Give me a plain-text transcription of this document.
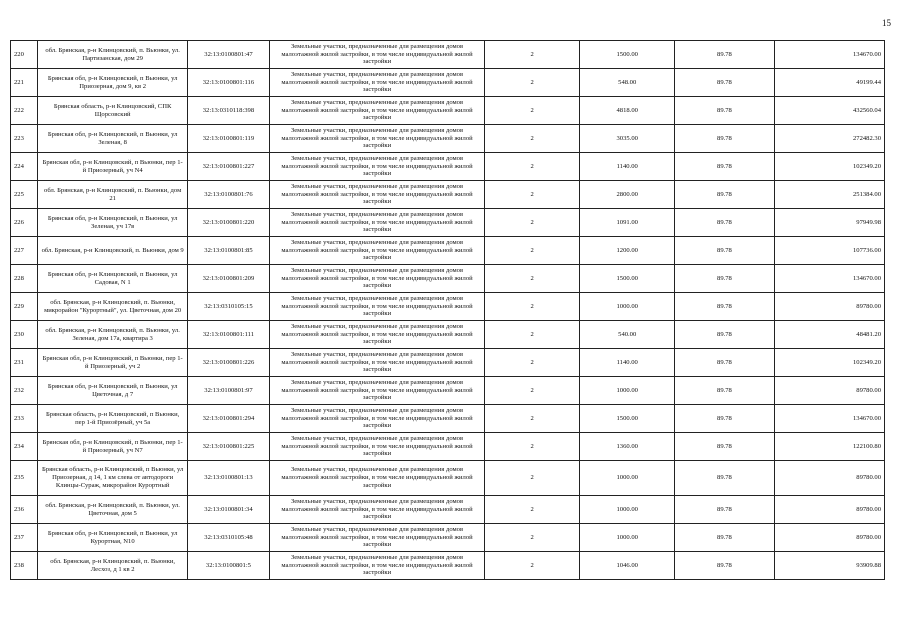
15
220	обл. Брянская, р-н Клинцовский, п. Вьюнки, ул. Партизанская, дом 29	32:13:0100801:47	Земельные участки, предназначенные для размещения домов малоэтажной жилой застройки, в том числе индивидуальной жилой застройки	2	1500.00	89.78	134670.00
221	Брянская обл, р-н Клинцовский, п Вьюнки, ул Приозерная, дом 9, кв 2	32:13:0100801:116	Земельные участки, предназначенные для размещения домов малоэтажной жилой застройки, в том числе индивидуальной жилой застройки	2	548.00	89.78	49199.44
222	Брянская область, р-н Клинцовский, СПК Щорсовский	32:13:0310118:398	Земельные участки, предназначенные для размещения домов малоэтажной жилой застройки, в том числе индивидуальной жилой застройки	2	4818.00	89.78	432560.04
223	Брянская обл, р-н Клинцовский, п Вьюнки, ул Зеленая, 8	32:13:0100801:119	Земельные участки, предназначенные для размещения домов малоэтажной жилой застройки, в том числе индивидуальной жилой застройки	2	3035.00	89.78	272482.30
224	Брянская обл, р-н Клинцовский, п Вьюнки, пер 1-й Приозерный, уч N4	32:13:0100801:227	Земельные участки, предназначенные для размещения домов малоэтажной жилой застройки, в том числе индивидуальной жилой застройки	2	1140.00	89.78	102349.20
225	обл. Брянская, р-н Клинцовский, п. Вьюнки, дом 21	32:13:0100801:76	Земельные участки, предназначенные для размещения домов малоэтажной жилой застройки, в том числе индивидуальной жилой застройки	2	2800.00	89.78	251384.00
226	Брянская обл, р-н Клинцовский, п Вьюнки, ул Зеленая, уч 17в	32:13:0100801:220	Земельные участки, предназначенные для размещения домов малоэтажной жилой застройки, в том числе индивидуальной жилой застройки	2	1091.00	89.78	97949.98
227	обл. Брянская, р-н Клинцовский, п. Вьюнки, дом 9	32:13:0100801:85	Земельные участки, предназначенные для размещения домов малоэтажной жилой застройки, в том числе индивидуальной жилой застройки	2	1200.00	89.78	107736.00
228	Брянская обл, р-н Клинцовский, п Вьюнки, ул Садовая, N 1	32:13:0100801:209	Земельные участки, предназначенные для размещения домов малоэтажной жилой застройки, в том числе индивидуальной жилой застройки	2	1500.00	89.78	134670.00
229	обл. Брянская, р-н Клинцовский, п. Вьюнки, микрорайон "Курортный", ул. Цветочная, дом 20	32:13:0310105:15	Земельные участки, предназначенные для размещения домов малоэтажной жилой застройки, в том числе индивидуальной жилой застройки	2	1000.00	89.78	89780.00
230	обл. Брянская, р-н Клинцовский, п. Вьюнки, ул. Зеленая, дом 17а, квартира 3	32:13:0100801:111	Земельные участки, предназначенные для размещения домов малоэтажной жилой застройки, в том числе индивидуальной жилой застройки	2	540.00	89.78	48481.20
231	Брянская обл, р-н Клинцовский, п Вьюнки, пер 1-й Приозерный, уч 2	32:13:0100801:226	Земельные участки, предназначенные для размещения домов малоэтажной жилой застройки, в том числе индивидуальной жилой застройки	2	1140.00	89.78	102349.20
232	Брянская обл, р-н Клинцовский, п Вьюнки, ул Цветочная, д 7	32:13:0100801:97	Земельные участки, предназначенные для размещения домов малоэтажной жилой застройки, в том числе индивидуальной жилой застройки	2	1000.00	89.78	89780.00
233	Брянская область, р-н Клинцовский, п Вьюнки, пер 1-й Приозёрный, уч 5а	32:13:0100801:294	Земельные участки, предназначенные для размещения домов малоэтажной жилой застройки, в том числе индивидуальной жилой застройки	2	1500.00	89.78	134670.00
234	Брянская обл, р-н Клинцовский, п Вьюнки, пер 1-й Приозерный, уч N7	32:13:0100801:225	Земельные участки, предназначенные для размещения домов малоэтажной жилой застройки, в том числе индивидуальной жилой застройки	2	1360.00	89.78	122100.80
235	Брянская область, р-н Клинцовский, п Вьюнки, ул Приозерная, д 14, 1 км слева от автодороги Клинцы-Сураж, микрорайон Курортный	32:13:0100801:13	Земельные участки, предназначенные для размещения домов малоэтажной жилой застройки, в том числе индивидуальной жилой застройки	2	1000.00	89.78	89780.00
236	обл. Брянская, р-н Клинцовский, п. Вьюнки, ул. Цветочная, дом 5	32:13:0100801:34	Земельные участки, предназначенные для размещения домов малоэтажной жилой застройки, в том числе индивидуальной жилой застройки	2	1000.00	89.78	89780.00
237	Брянская обл, р-н Клинцовский, п Вьюнки, ул Курортная, N10	32:13:0310105:48	Земельные участки, предназначенные для размещения домов малоэтажной жилой застройки, в том числе индивидуальной жилой застройки	2	1000.00	89.78	89780.00
238	обл. Брянская, р-н Клинцовский, п. Вьюнки, Лесхоз, д 1 кв 2	32:13:0100801:5	Земельные участки, предназначенные для размещения домов малоэтажной жилой застройки, в том числе индивидуальной жилой застройки	2	1046.00	89.78	93909.88
